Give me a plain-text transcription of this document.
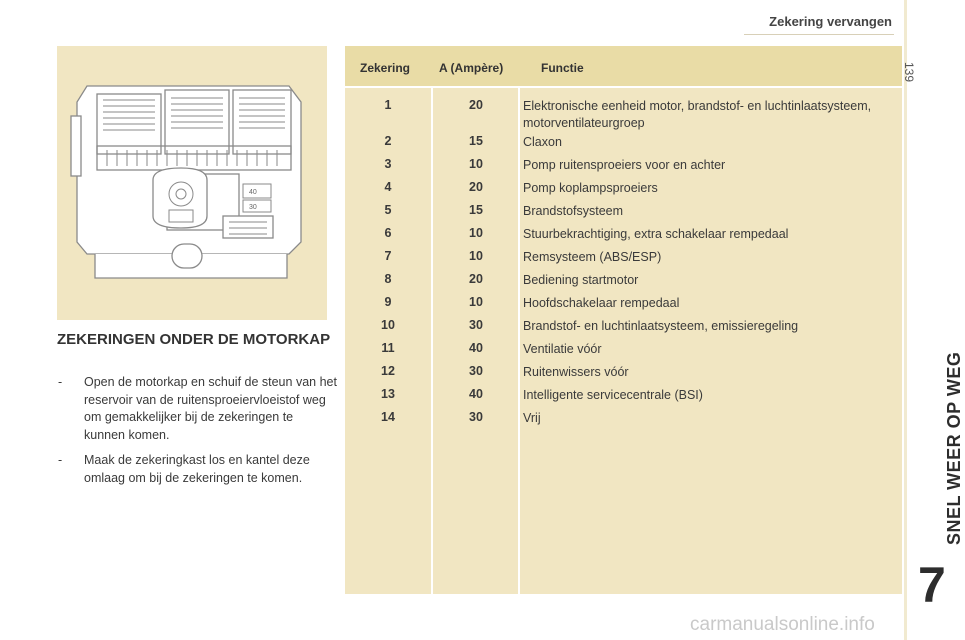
Zekering vervangen
139
SNEL WEER OP WEG
7
40
30
ZEKERINGEN ONDER DE MOTORKAP
- Open de motorkap en schuif de steun van het reservoir van de ruitensproeiervloeistof weg om gemakkelijker bij de zekeringen te kunnen komen.
- Maak de zekeringkast los en kantel deze omlaag om bij de zekeringen te komen.
Zekering A (Ampère)	Functie
1	20	Elektronische eenheid motor, brandstof- en luchtinlaatsysteem, motorventilateurgroep
2	15	Claxon
3	10	Pomp ruitensproeiers voor en achter
4	20	Pomp koplampsproeiers
5	15	Brandstofsysteem
6	10	Stuurbekrachtiging, extra schakelaar rempedaal
7	10	Remsysteem (ABS/ESP)
8	20	Bediening startmotor
9	10	Hoofdschakelaar rempedaal
10	30	Brandstof- en luchtinlaatsysteem, emissieregeling
11	40	Ventilatie vóór
12	30	Ruitenwissers vóór
13	40	Intelligente servicecentrale (BSI)
14	30	Vrij
carmanualsonline.info
